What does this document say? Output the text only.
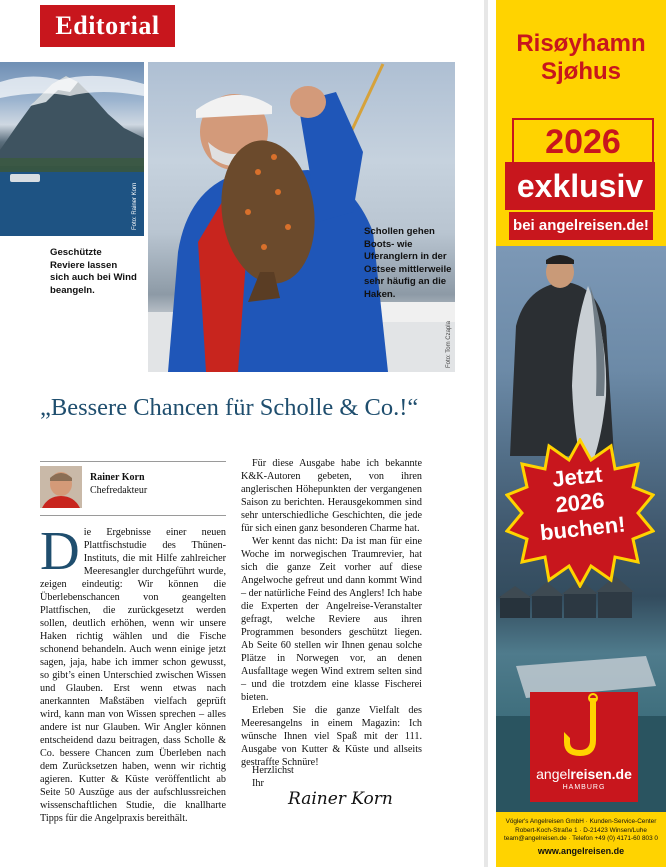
Editorial
Foto: Rainer Korn
Foto: Tom Czapla
Geschützte
Reviere lassen
sich auch bei Wind
beangeln.
Schollen gehen
Boots- wie
Uferanglern in der
Ostsee mittlerweile
sehr häufig an die
Haken.
„Bessere Chancen für Scholle & Co.!“
Rainer Korn
Chefredakteur

Die Ergebnisse einer neuen Plattfischstudie des Thünen-Instituts, die mit Hilfe zahlreicher Meeresangler durchgeführt wurde, zeigen eindeutig: Wir können die Überlebenschancen von geangelten Plattfischen, die zurückgesetzt werden sollen, deutlich erhöhen, wenn wir unsere Haken richtig wählen und die Fische schonend behandeln. Auch wenn einige jetzt sagen, jaja, habe ich immer schon gewusst, so gibt’s einen Unterschied zwischen Wissen und Glauben. Erst wenn etwas nach anerkannten Maßstäben vielfach geprüft wird, kann man von Wissen sprechen – alles andere ist nur Glauben. Wir Angler können entscheidend dazu beitragen, dass Scholle & Co. bessere Chancen zum Überleben nach dem Zurücksetzen haben, wenn wir richtig agieren. Kutter & Küste veröffentlicht ab Seite 50 Auszüge aus der aufschlussreichen wissenschaftlichen Studie, die knallharte Tipps für die Angelpraxis bereithält.

Für diese Ausgabe habe ich bekannte K&K-Autoren gebeten, von ihren anglerischen Höhepunkten der vergangenen Saison zu berichten. Herausgekommen sind sehr unterschiedliche Geschichten, die jede für sich einen ganz besonderen Charme hat.

Wer kennt das nicht: Da ist man für eine Woche im norwegischen Traumrevier, hat sich die ganze Zeit vorher auf diese Angelwoche gefreut und dann kommt Wind – der natürliche Feind des Anglers! Ich habe die Experten der Angelreise-Veranstalter gefragt, welche Reviere aus ihren Programmen besonders geschützt liegen. Ab Seite 60 stellen wir Ihnen genau solche Plätze in Norwegen vor, an denen Ausfalltage wegen Wind extrem selten sind – und die trotzdem eine klasse Fischerei bieten.

Erleben Sie die ganze Vielfalt des Meeresangelns in einem Magazin: Ich wünsche Ihnen viel Spaß mit der 111. Ausgabe von Kutter & Küste und allseits gestraffte Schnüre!

Herzlichst
Ihr
Rainer Korn
Risøyhamn
Sjøhus
2026
exklusiv
bei angelreisen.de!
Jetzt
2026
buchen!
angelreisen.de
HAMBURG
Vögler's Angelreisen GmbH · Kunden-Service-Center
Robert-Koch-Straße 1 · D-21423 Winsen/Luhe
team@angelreisen.de · Telefon +49 (0) 4171-60 803 0
www.angelreisen.de
